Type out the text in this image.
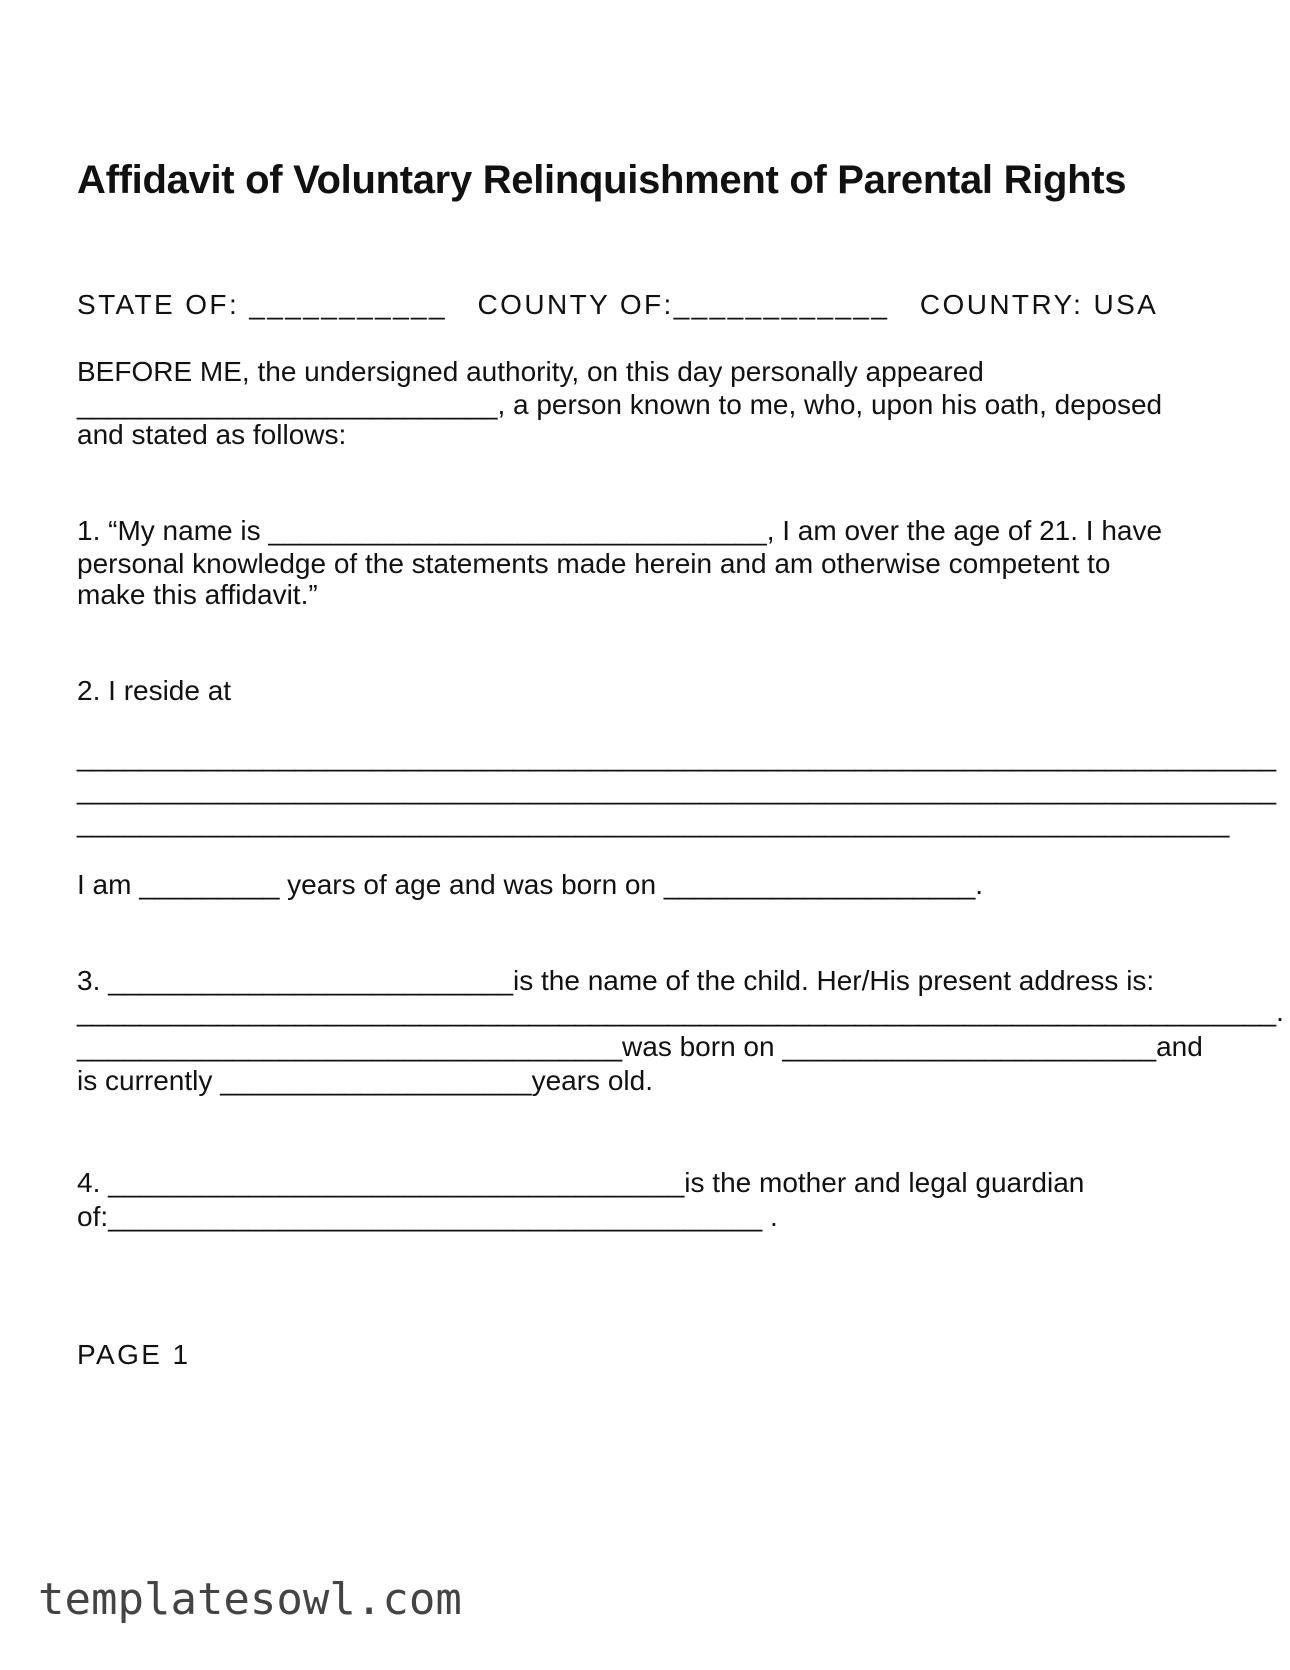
Affidavit of Voluntary Relinquishment of Parental Rights
STATE OF: ___________   COUNTY OF:____________   COUNTRY: USA
BEFORE ME, the undersigned authority, on this day personally appeared
___________________________, a person known to me, who, upon his oath, deposed
and stated as follows:
1. “My name is ________________________________, I am over the age of 21. I have
personal knowledge of the statements made herein and am otherwise competent to
make this affidavit.”
2. I reside at
_____________________________________________________________________________
_____________________________________________________________________________
__________________________________________________________________________
I am _________ years of age and was born on ____________________.
3. __________________________is the name of the child. Her/His present address is:
_____________________________________________________________________________.
___________________________________was born on ________________________and
is currently ____________________years old.
4. _____________________________________is the mother and legal guardian
of:__________________________________________ .
PAGE 1
templatesowl.com
